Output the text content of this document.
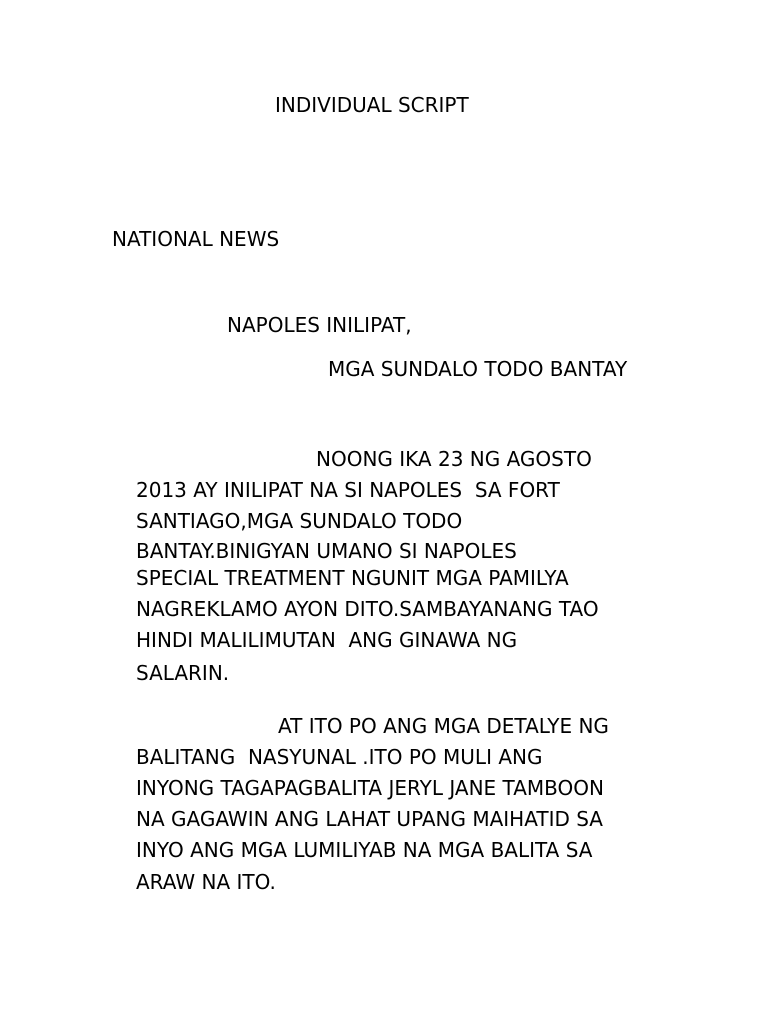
INDIVIDUAL SCRIPT

NATIONAL NEWS

NAPOLES INILIPAT,

MGA SUNDALO TODO BANTAY

NOONG IKA 23 NG AGOSTO

2013 AY INILIPAT NA SI NAPOLES  SA FORT

SANTIAGO,MGA SUNDALO TODO

BANTAY.BINIGYAN UMANO SI NAPOLES

SPECIAL TREATMENT NGUNIT MGA PAMILYA

NAGREKLAMO AYON DITO.SAMBAYANANG TAO

HINDI MALILIMUTAN  ANG GINAWA NG

SALARIN.

AT ITO PO ANG MGA DETALYE NG

BALITANG  NASYUNAL .ITO PO MULI ANG

INYONG TAGAPAGBALITA JERYL JANE TAMBOON

NA GAGAWIN ANG LAHAT UPANG MAIHATID SA

INYO ANG MGA LUMILIYAB NA MGA BALITA SA

ARAW NA ITO.
